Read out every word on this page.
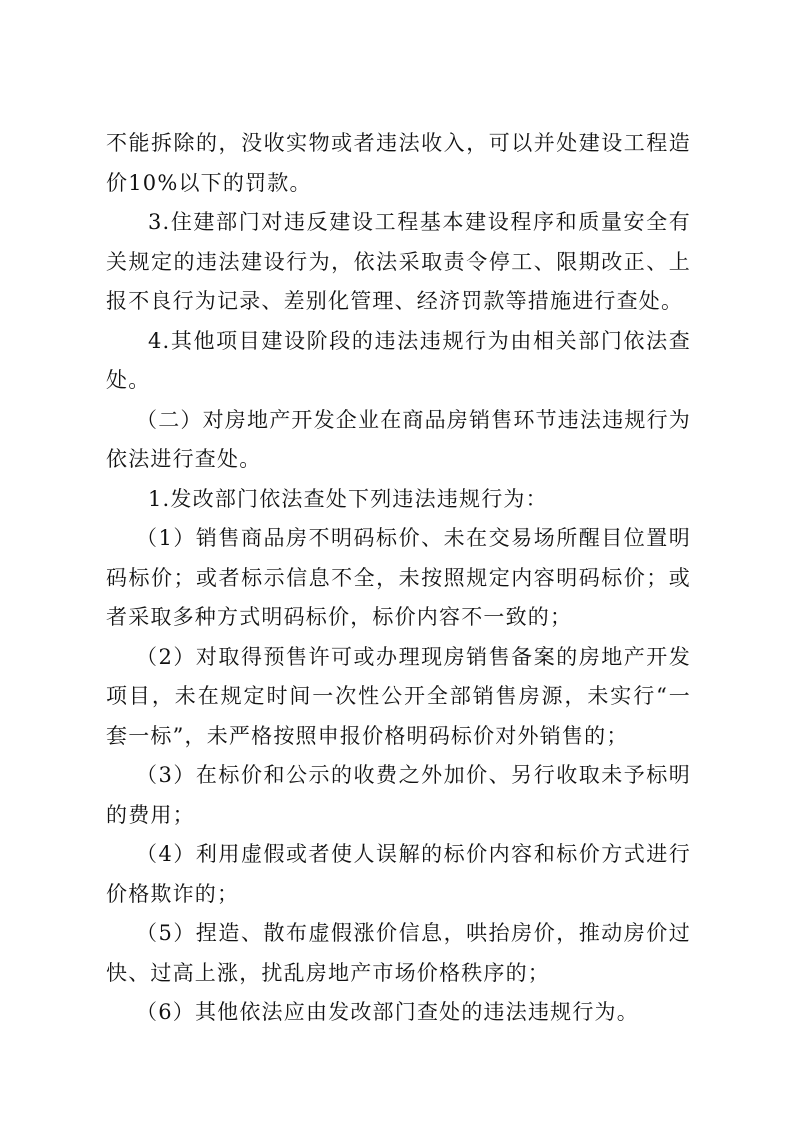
不能拆除的，没收实物或者违法收入，可以并处建设工程造价10%以下的罚款。

3.住建部门对违反建设工程基本建设程序和质量安全有关规定的违法建设行为，依法采取责令停工、限期改正、上报不良行为记录、差别化管理、经济罚款等措施进行查处。

4.其他项目建设阶段的违法违规行为由相关部门依法查处。

（二）对房地产开发企业在商品房销售环节违法违规行为依法进行查处。

1.发改部门依法查处下列违法违规行为：

（1）销售商品房不明码标价、未在交易场所醒目位置明码标价；或者标示信息不全，未按照规定内容明码标价；或者采取多种方式明码标价，标价内容不一致的；

（2）对取得预售许可或办理现房销售备案的房地产开发项目，未在规定时间一次性公开全部销售房源，未实行“一套一标”，未严格按照申报价格明码标价对外销售的；

（3）在标价和公示的收费之外加价、另行收取未予标明的费用；

（4）利用虚假或者使人误解的标价内容和标价方式进行价格欺诈的；

（5）捏造、散布虚假涨价信息，哄抬房价，推动房价过快、过高上涨，扰乱房地产市场价格秩序的；

（6）其他依法应由发改部门查处的违法违规行为。
